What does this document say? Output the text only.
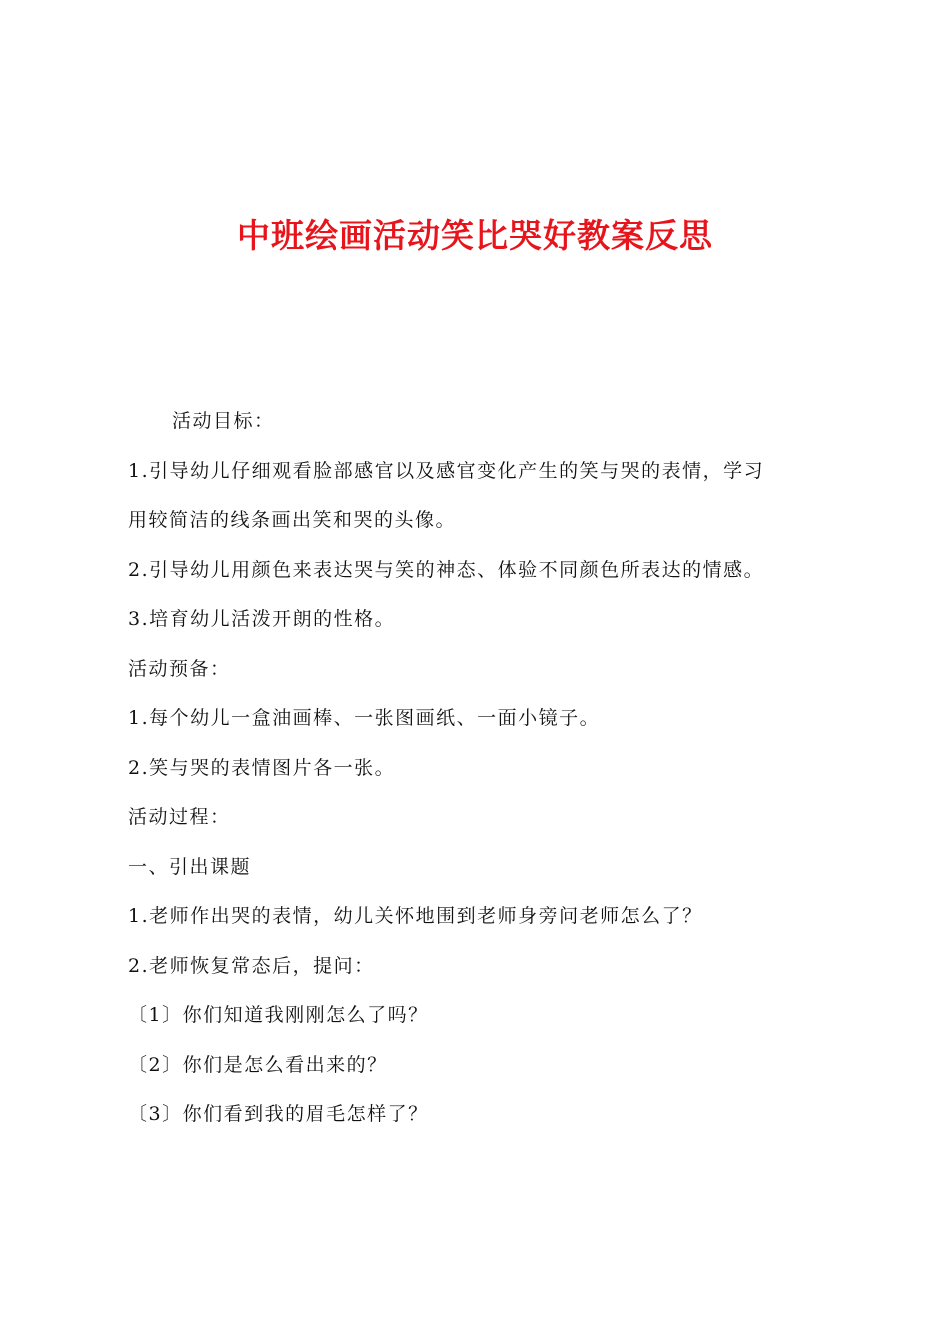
中班绘画活动笑比哭好教案反思

活动目标：

1.引导幼儿仔细观看脸部感官以及感官变化产生的笑与哭的表情，学习

用较简洁的线条画出笑和哭的头像。

2.引导幼儿用颜色来表达哭与笑的神态、体验不同颜色所表达的情感。

3.培育幼儿活泼开朗的性格。

活动预备：

1.每个幼儿一盒油画棒、一张图画纸、一面小镜子。

2.笑与哭的表情图片各一张。

活动过程：

一、引出课题

1.老师作出哭的表情，幼儿关怀地围到老师身旁问老师怎么了？

2.老师恢复常态后，提问：

〔1〕你们知道我刚刚怎么了吗？

〔2〕你们是怎么看出来的？

〔3〕你们看到我的眉毛怎样了？
